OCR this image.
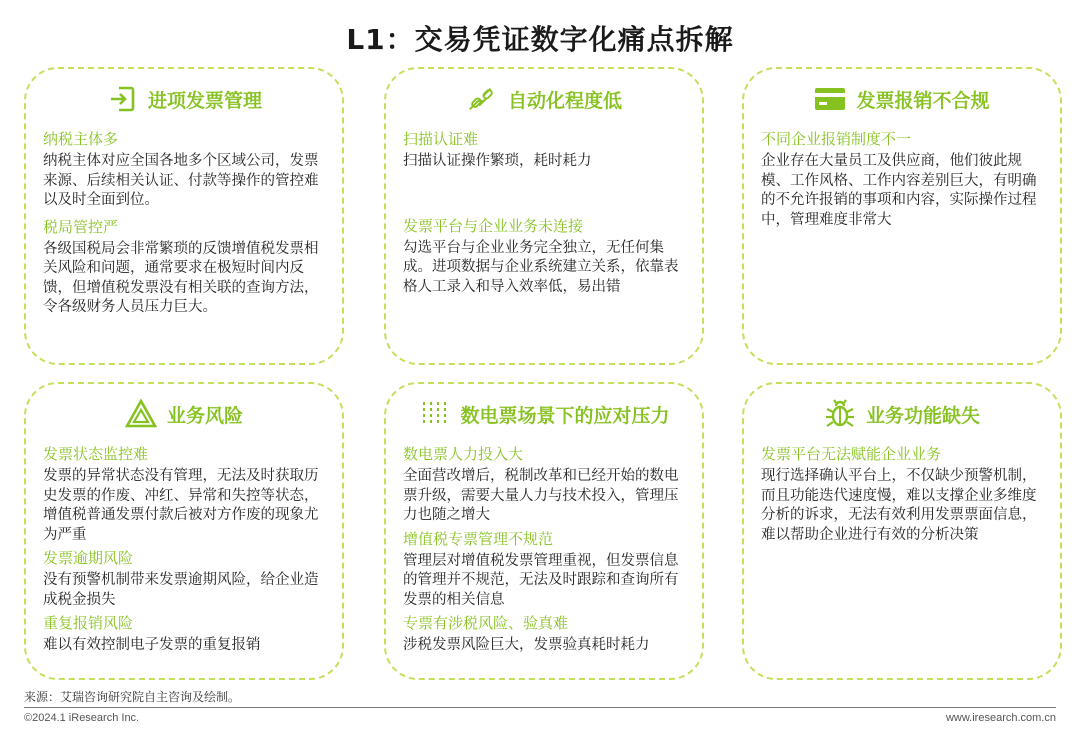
L1：交易凭证数字化痛点拆解
进项发票管理
纳税主体多
纳税主体对应全国各地多个区域公司，发票来源、后续相关认证、付款等操作的管控难以及时全面到位。
税局管控严
各级国税局会非常繁琐的反馈增值税发票相关风险和问题，通常要求在极短时间内反馈，但增值税发票没有相关联的查询方法，令各级财务人员压力巨大。
自动化程度低
扫描认证难
扫描认证操作繁琐，耗时耗力
发票平台与企业业务未连接
勾选平台与企业业务完全独立，无任何集成。进项数据与企业系统建立关系，依靠表格人工录入和导入效率低，易出错
发票报销不合规
不同企业报销制度不一
企业存在大量员工及供应商，他们彼此规模、工作风格、工作内容差别巨大，有明确的不允许报销的事项和内容，实际操作过程中，管理难度非常大
业务风险
发票状态监控难
发票的异常状态没有管理，无法及时获取历史发票的作废、冲红、异常和失控等状态，增值税普通发票付款后被对方作废的现象尤为严重
发票逾期风险
没有预警机制带来发票逾期风险，给企业造成税金损失
重复报销风险
难以有效控制电子发票的重复报销
数电票场景下的应对压力
数电票人力投入大
全面营改增后，税制改革和已经开始的数电票升级，需要大量人力与技术投入，管理压力也随之增大
增值税专票管理不规范
管理层对增值税发票管理重视，但发票信息的管理并不规范，无法及时跟踪和查询所有发票的相关信息
专票有涉税风险、验真难
涉税发票风险巨大，发票验真耗时耗力
业务功能缺失
发票平台无法赋能企业业务
现行选择确认平台上，不仅缺少预警机制，而且功能迭代速度慢，难以支撑企业多维度分析的诉求，无法有效利用发票票面信息，难以帮助企业进行有效的分析决策
来源：艾瑞咨询研究院自主咨询及绘制。
©2024.1 iResearch Inc.	www.iresearch.com.cn
